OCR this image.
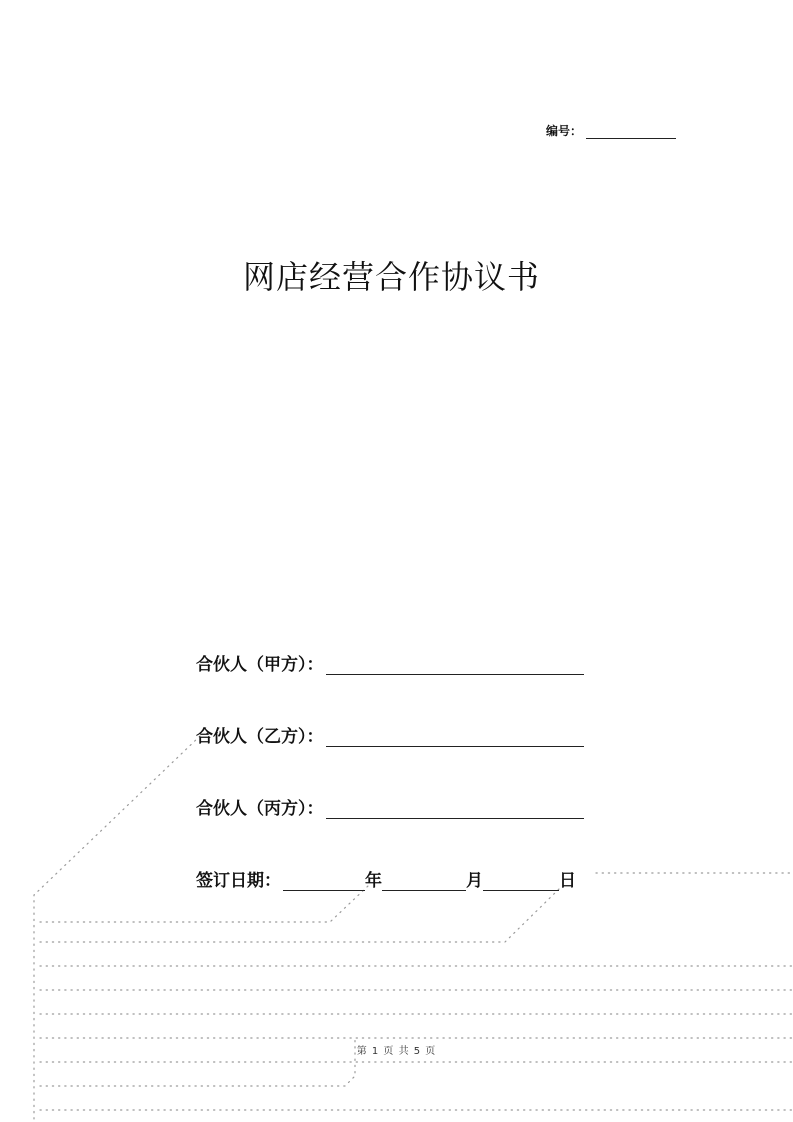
编号：
网店经营合作协议书
合伙人（甲方）：
合伙人（乙方）：
合伙人（丙方）：
签订日期：	年	月	日
第 1 页 共 5 页
